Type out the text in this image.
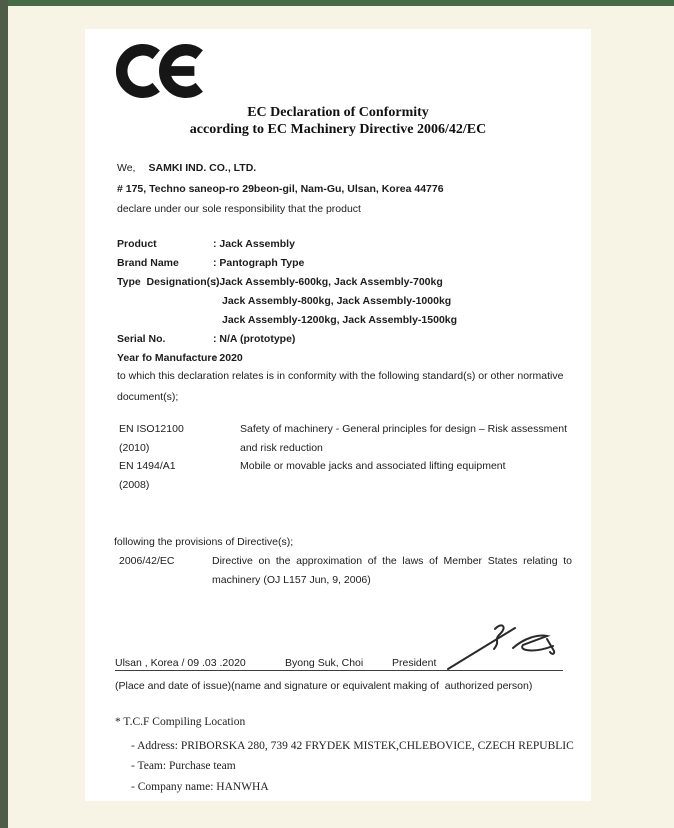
EC Declaration of Conformity
according to EC Machinery Directive 2006/42/EC
We, SAMKI IND. CO., LTD.
# 175, Techno saneop-ro 29beon-gil, Nam-Gu, Ulsan, Korea 44776
declare under our sole responsibility that the product
Product	: Jack Assembly
Brand Name	: Pantograph Type
Type  Designation(s): Jack Assembly-600kg, Jack Assembly-700kg
Jack Assembly-800kg, Jack Assembly-1000kg
Jack Assembly-1200kg, Jack Assembly-1500kg
Serial No.	: N/A (prototype)
Year fo Manufacture: 2020
to which this declaration relates is in conformity with the following standard(s) or other normative
document(s);
EN ISO12100	Safety of machinery - General principles for design – Risk assessment
(2010)	and risk reduction
EN 1494/A1	Mobile or movable jacks and associated lifting equipment
(2008)
following the provisions of Directive(s);
2006/42/EC	Directive on the approximation of the laws of Member States relating to
machinery (OJ L157 Jun, 9, 2006)
Ulsan , Korea / 09 .03 .2020	Byong Suk, Choi	President
(Place and date of issue)(name and signature or equivalent making of  authorized person)
* T.C.F Compiling Location
- Address: PRIBORSKA 280, 739 42 FRYDEK MISTEK,CHLEBOVICE, CZECH REPUBLIC
- Team: Purchase team
- Company name: HANWHA
